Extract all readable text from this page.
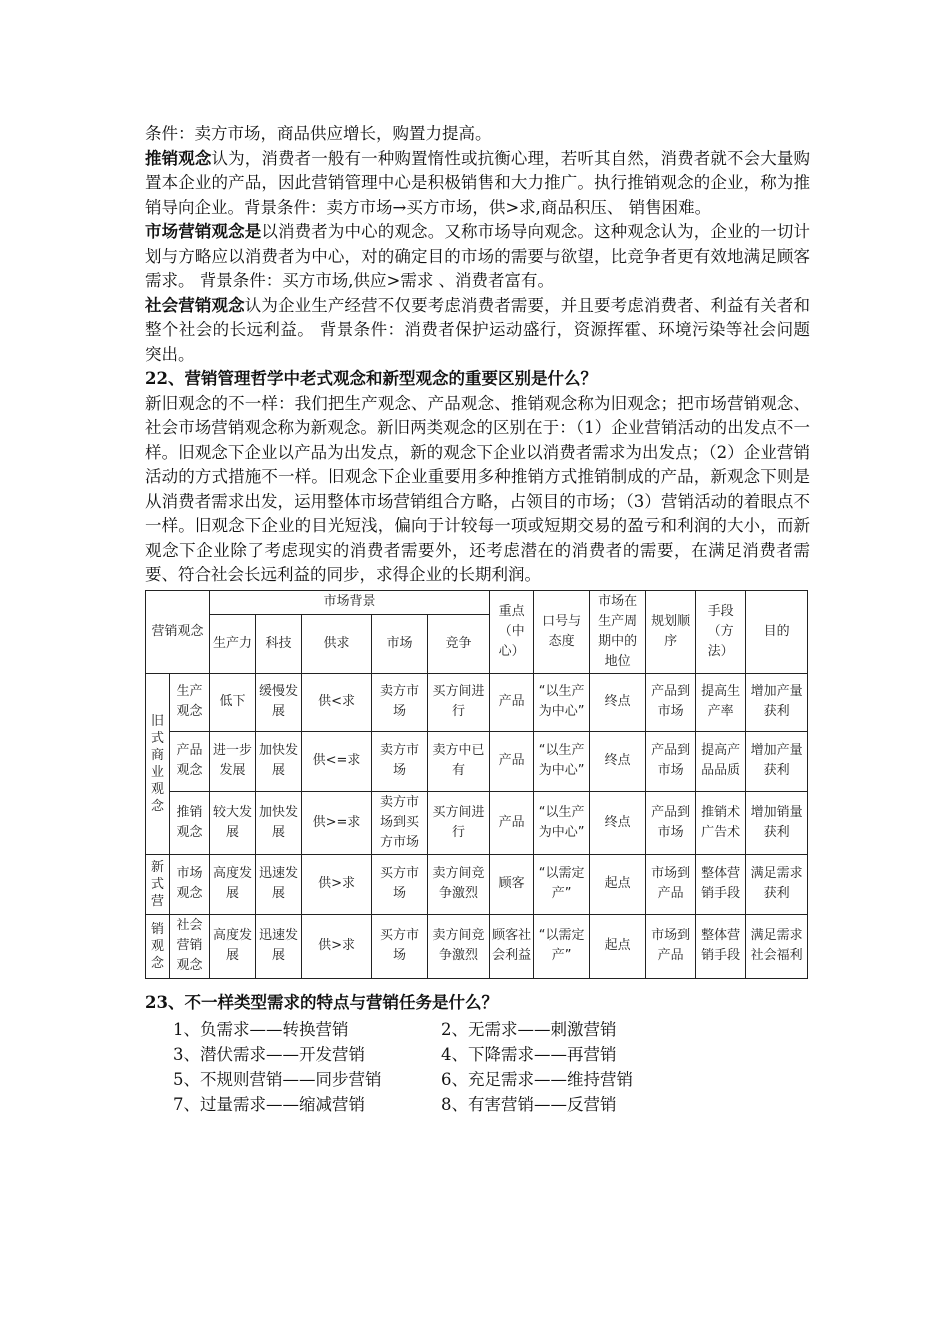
条件：卖方市场，商品供应增长，购置力提高。

推销观念认为，消费者一般有一种购置惰性或抗衡心理，若听其自然，消费者就不会大量购置本企业的产品，因此营销管理中心是积极销售和大力推广。执行推销观念的企业，称为推销导向企业。背景条件：卖方市场→买方市场，供>求,商品积压、 销售困难。

市场营销观念是以消费者为中心的观念。又称市场导向观念。这种观念认为，企业的一切计划与方略应以消费者为中心，对的确定目的市场的需要与欲望，比竞争者更有效地满足顾客需求。 背景条件：买方市场,供应>需求 、消费者富有。

社会营销观念认为企业生产经营不仅要考虑消费者需要，并且要考虑消费者、利益有关者和整个社会的长远利益。 背景条件：消费者保护运动盛行，资源挥霍、环境污染等社会问题突出。

22、营销管理哲学中老式观念和新型观念的重要区别是什么？

新旧观念的不一样：我们把生产观念、产品观念、推销观念称为旧观念；把市场营销观念、社会市场营销观念称为新观念。新旧两类观念的区别在于：（1）企业营销活动的出发点不一样。旧观念下企业以产品为出发点，新的观念下企业以消费者需求为出发点；（2）企业营销活动的方式措施不一样。旧观念下企业重要用多种推销方式推销制成的产品，新观念下则是从消费者需求出发，运用整体市场营销组合方略，占领目的市场；（3）营销活动的着眼点不一样。旧观念下企业的目光短浅，偏向于计较每一项或短期交易的盈亏和利润的大小，而新观念下企业除了考虑现实的消费者需要外，还考虑潜在的消费者的需要，在满足消费者需要、符合社会长远利益的同步，求得企业的长期利润。

营销观念		市场背景					重点（中心）	口号与态度	市场在生产周期中的地位	规划顺序	手段（方法）	目的
		生产力	科技	供求	市场	竞争						
旧式商业观念	生产观念	低下	缓慢发展	供<求	卖方市场	买方间进行	产品	“以生产为中心”	终点	产品到市场	提高生产率	增加产量获利
	产品观念	进一步发展	加快发展	供<=求	卖方市场	卖方中已有	产品	“以生产为中心”	终点	产品到市场	提高产品品质	增加产量获利
	推销观念	较大发展	加快发展	供>=求	卖方市场到买方市场	买方间进行	产品	“以生产为中心”	终点	产品到市场	推销术广告术	增加销量获利
新式营	市场观念	高度发展	迅速发展	供>求	买方市场	卖方间竞争激烈	顾客	“以需定产”	起点	市场到产品	整体营销手段	满足需求获利
销观念	社会营销观念	高度发展	迅速发展	供>求	买方市场	卖方间竞争激烈	顾客社会利益	“以需定产”	起点	市场到产品	整体营销手段	满足需求社会福利
23、不一样类型需求的特点与营销任务是什么？
1、负需求——转换营销	2、无需求——刺激营销
3、潜伏需求——开发营销	4、下降需求——再营销
5、不规则营销——同步营销	6、充足需求——维持营销
7、过量需求——缩减营销	8、有害营销——反营销
